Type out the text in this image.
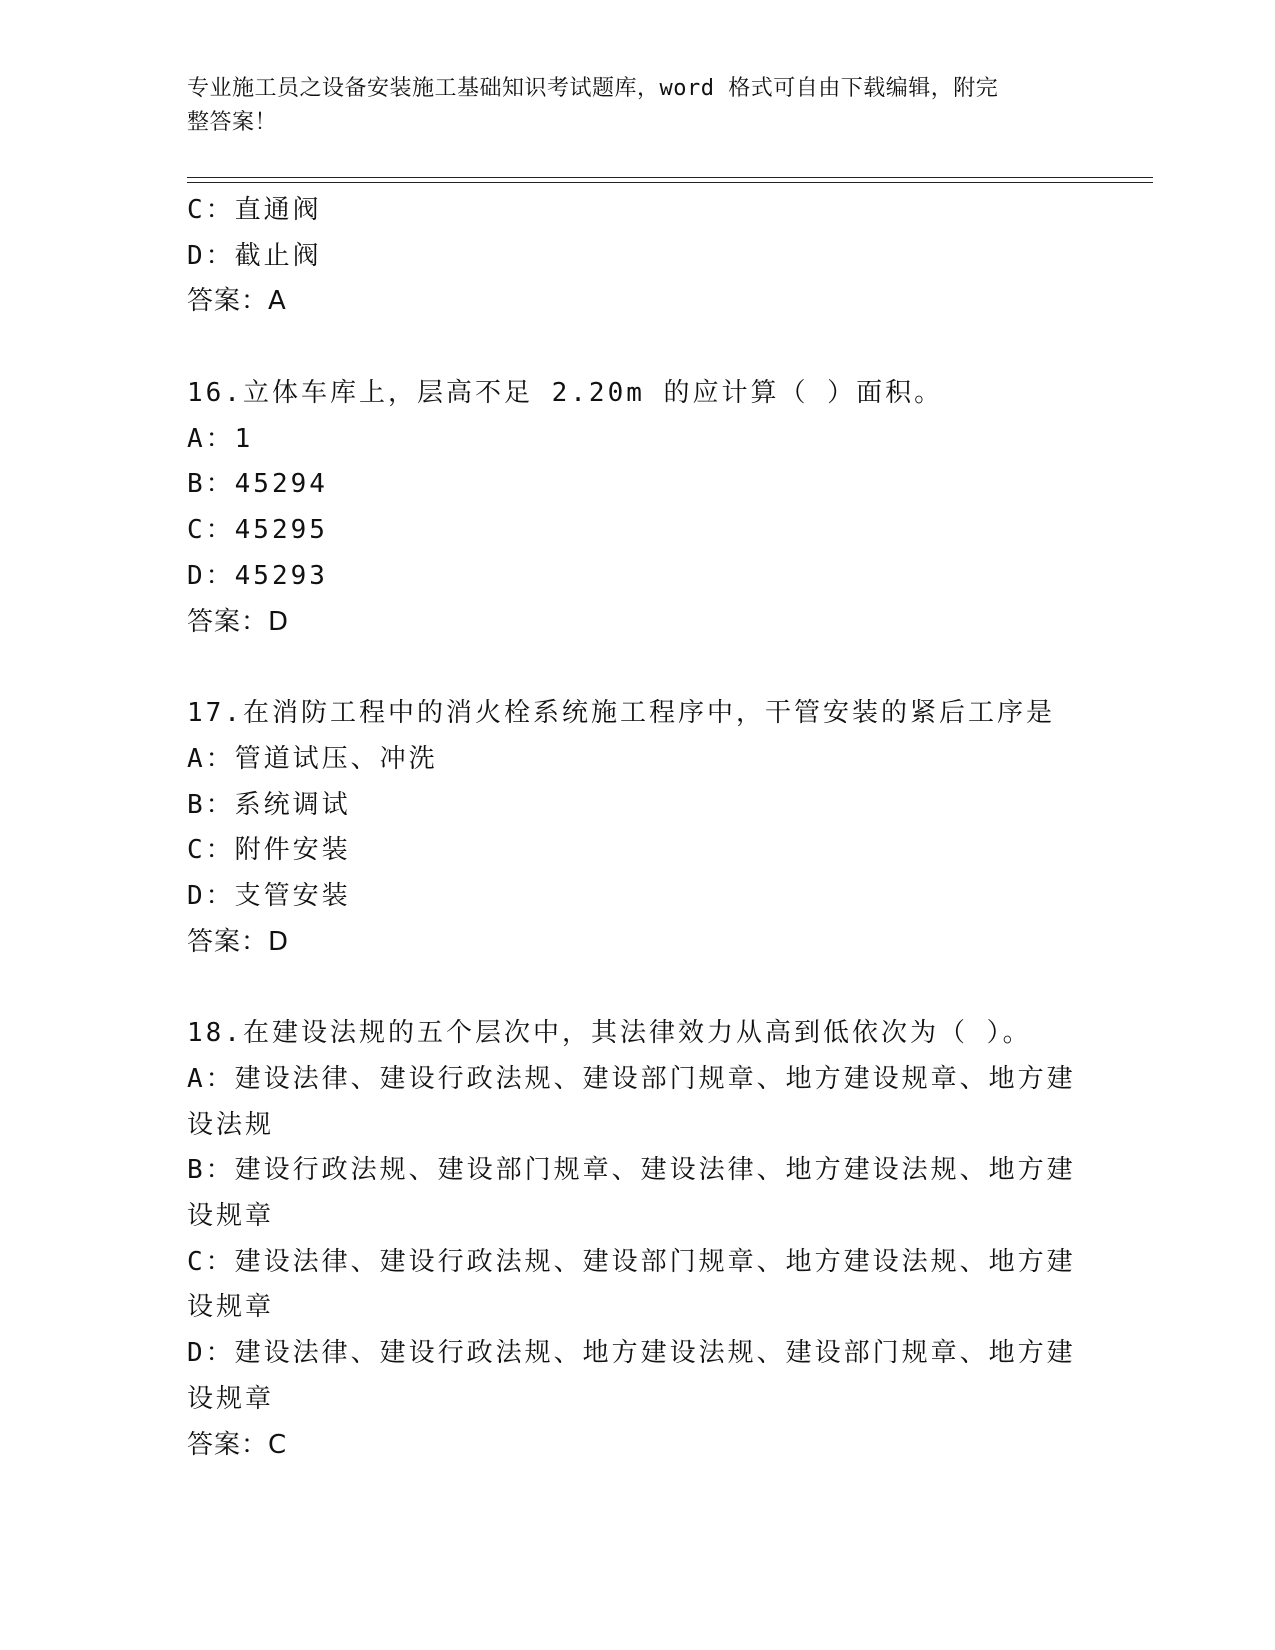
专业施工员之设备安装施工基础知识考试题库，word 格式可自由下载编辑，附完
整答案！

C：直通阀

D：截止阀

答案：A

16.立体车库上，层高不足 2.20m 的应计算（ ）面积。

A：1

B：45294

C：45295

D：45293

答案：D

17.在消防工程中的消火栓系统施工程序中，干管安装的紧后工序是

A：管道试压、冲洗

B：系统调试

C：附件安装

D：支管安装

答案：D

18.在建设法规的五个层次中，其法律效力从高到低依次为（ ）。

A：建设法律、建设行政法规、建设部门规章、地方建设规章、地方建

设法规

B：建设行政法规、建设部门规章、建设法律、地方建设法规、地方建

设规章

C：建设法律、建设行政法规、建设部门规章、地方建设法规、地方建

设规章

D：建设法律、建设行政法规、地方建设法规、建设部门规章、地方建

设规章

答案：C
